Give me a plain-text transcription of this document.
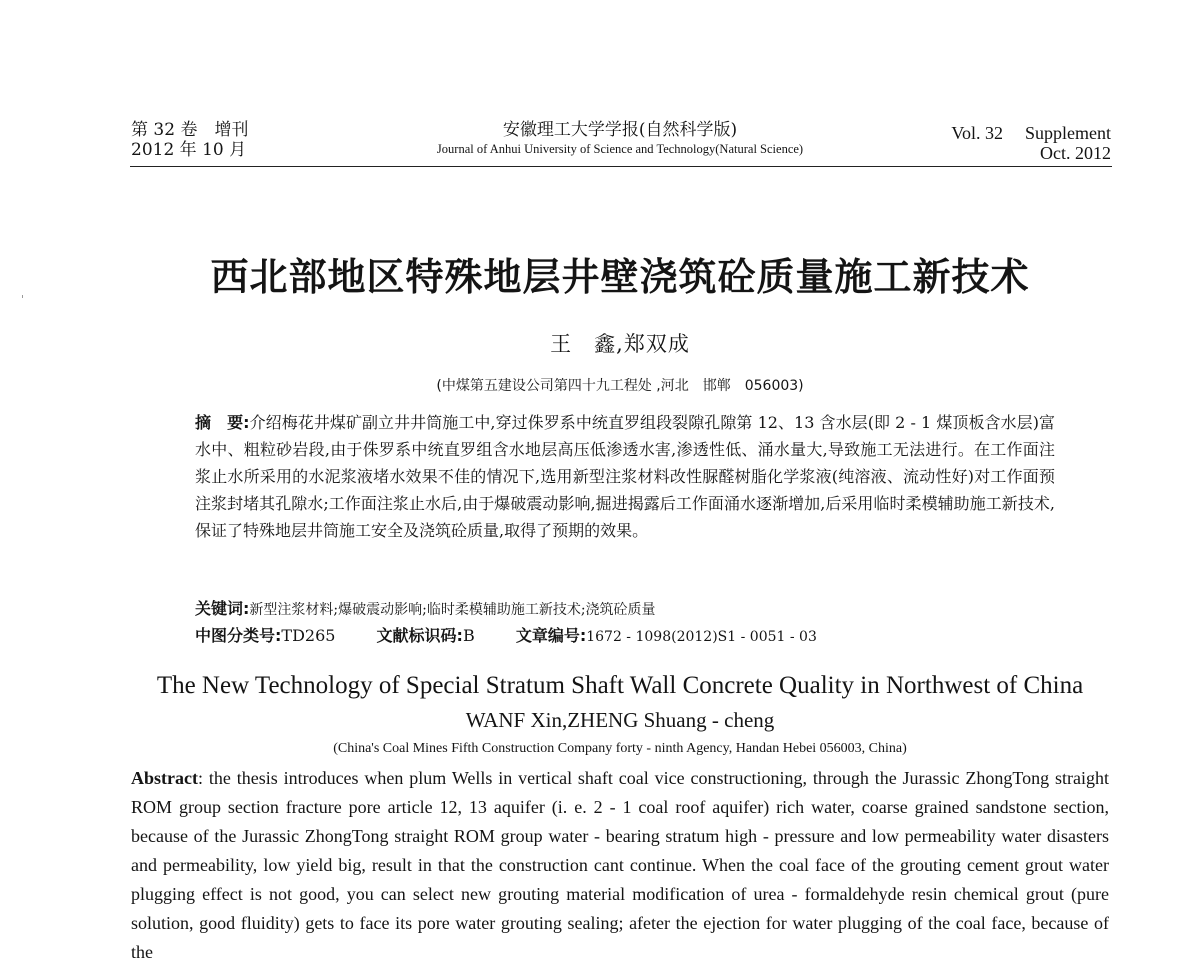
第 32 卷　增刊
2012 年 10 月
安徽理工大学学报(自然科学版)
Journal of Anhui University of Science and Technology(Natural Science)
Vol. 32 Supplement
Oct. 2012
西北部地区特殊地层井壁浇筑砼质量施工新技术
王　鑫,郑双成
(中煤第五建设公司第四十九工程处 ,河北　邯郸　056003)
摘　要:介绍梅花井煤矿副立井井筒施工中,穿过侏罗系中统直罗组段裂隙孔隙第 12、13 含水层(即 2 - 1 煤顶板含水层)富水中、粗粒砂岩段,由于侏罗系中统直罗组含水地层高压低渗透水害,渗透性低、涌水量大,导致施工无法进行。在工作面注浆止水所采用的水泥浆液堵水效果不佳的情况下,选用新型注浆材料改性脲醛树脂化学浆液(纯溶液、流动性好)对工作面预注浆封堵其孔隙水;工作面注浆止水后,由于爆破震动影响,掘进揭露后工作面涌水逐渐增加,后采用临时柔模辅助施工新技术,保证了特殊地层井筒施工安全及浇筑砼质量,取得了预期的效果。
关键词:新型注浆材料;爆破震动影响;临时柔模辅助施工新技术;浇筑砼质量
中图分类号:TD265	文献标识码:B	文章编号:1672 - 1098(2012)S1 - 0051 - 03
The New Technology of Special Stratum Shaft Wall Concrete Quality in Northwest of China
WANF Xin,ZHENG Shuang - cheng
(China's Coal Mines Fifth Construction Company forty - ninth Agency, Handan Hebei 056003, China)
Abstract: the thesis introduces when plum Wells in vertical shaft coal vice constructioning, through the Jurassic ZhongTong straight ROM group section fracture pore article 12, 13 aquifer (i. e. 2 - 1 coal roof aquifer) rich water, coarse grained sandstone section, because of the Jurassic ZhongTong straight ROM group water - bearing stratum high - pressure and low permeability water disasters and permeability, low yield big, result in that the construction cant continue. When the coal face of the grouting cement grout water plugging effect is not good, you can select new grouting material modification of urea - formaldehyde resin chemical grout (pure solution, good fluidity) gets to face its pore water grouting sealing; afeter the ejection for water plugging of the coal face, because of the
